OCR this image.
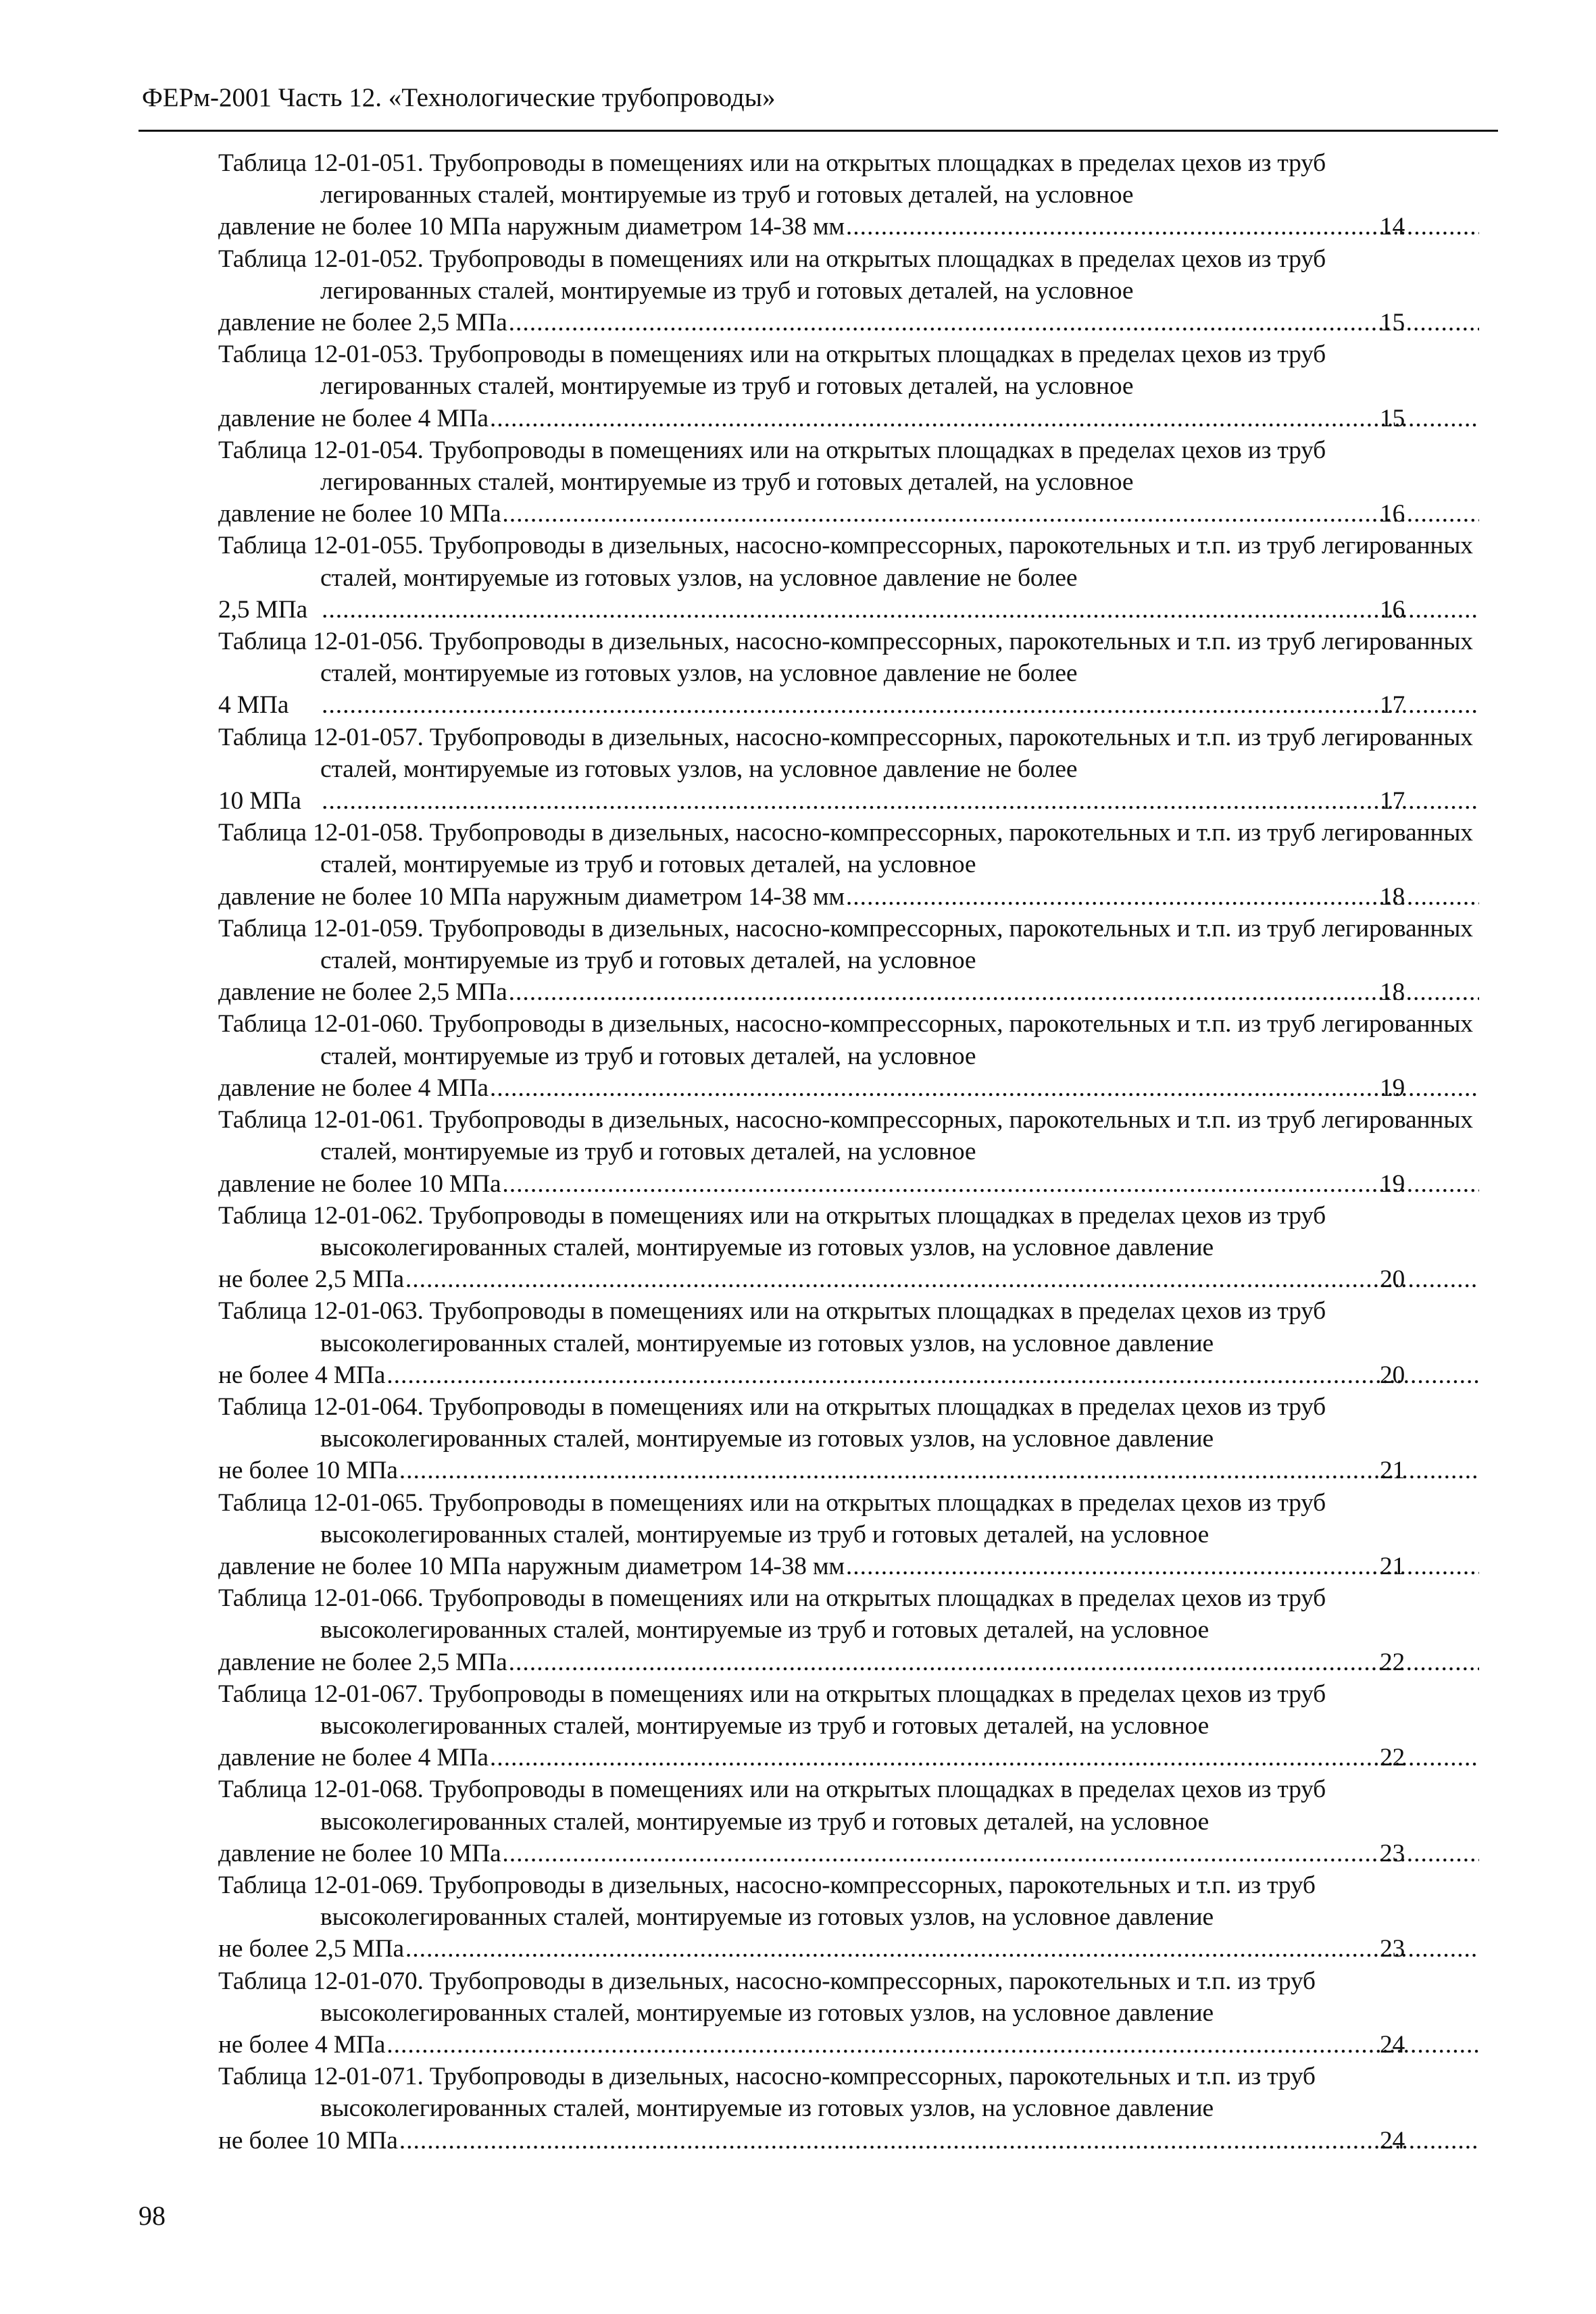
ФЕРм-2001 Часть 12. «Технологические трубопроводы»
Таблица 12-01-051. Трубопроводы в помещениях или на открытых площадках в пределах цехов из труб легированных сталей, монтируемые из труб и готовых деталей, на условное
давление не более 10 МПа наружным диаметром 14-38 мм .....	14
Таблица 12-01-052. Трубопроводы в помещениях или на открытых площадках в пределах цехов из труб легированных сталей, монтируемые из труб и готовых деталей, на условное
давление не более 2,5 МПа .....	15
Таблица 12-01-053. Трубопроводы в помещениях или на открытых площадках в пределах цехов из труб легированных сталей, монтируемые из труб и готовых деталей, на условное
давление не более 4 МПа .....	15
Таблица 12-01-054. Трубопроводы в помещениях или на открытых площадках в пределах цехов из труб легированных сталей, монтируемые из труб и готовых деталей, на условное
давление не более 10 МПа .....	16
Таблица 12-01-055. Трубопроводы в дизельных, насосно-компрессорных, парокотельных и т.п. из труб легированных сталей, монтируемые из готовых узлов, на условное давление не более
2,5 МПа .....	16
Таблица 12-01-056. Трубопроводы в дизельных, насосно-компрессорных, парокотельных и т.п. из труб легированных сталей, монтируемые из готовых узлов, на условное давление не более
4 МПа .....	17
Таблица 12-01-057. Трубопроводы в дизельных, насосно-компрессорных, парокотельных и т.п. из труб легированных сталей, монтируемые из готовых узлов, на условное давление не более
10 МПа .....	17
Таблица 12-01-058. Трубопроводы в дизельных, насосно-компрессорных, парокотельных и т.п. из труб легированных сталей, монтируемые из труб и готовых деталей, на условное
давление не более 10 МПа наружным диаметром 14-38 мм .....	18
Таблица 12-01-059. Трубопроводы в дизельных, насосно-компрессорных, парокотельных и т.п. из труб легированных сталей, монтируемые из труб и готовых деталей, на условное
давление не более 2,5 МПа .....	18
Таблица 12-01-060. Трубопроводы в дизельных, насосно-компрессорных, парокотельных и т.п. из труб легированных сталей, монтируемые из труб и готовых деталей, на условное
давление не более 4 МПа .....	19
Таблица 12-01-061. Трубопроводы в дизельных, насосно-компрессорных, парокотельных и т.п. из труб легированных сталей, монтируемые из труб и готовых деталей, на условное
давление не более 10 МПа .....	19
Таблица 12-01-062. Трубопроводы в помещениях или на открытых площадках в пределах цехов из труб высоколегированных сталей, монтируемые из готовых узлов, на условное давление
не более 2,5 МПа .....	20
Таблица 12-01-063. Трубопроводы в помещениях или на открытых площадках в пределах цехов из труб высоколегированных сталей, монтируемые из готовых узлов, на условное давление
не более 4 МПа .....	20
Таблица 12-01-064. Трубопроводы в помещениях или на открытых площадках в пределах цехов из труб высоколегированных сталей, монтируемые из готовых узлов, на условное давление
не более 10 МПа .....	21
Таблица 12-01-065. Трубопроводы в помещениях или на открытых площадках в пределах цехов из труб высоколегированных сталей, монтируемые из труб и готовых деталей, на условное
давление не более 10 МПа наружным диаметром 14-38 мм .....	21
Таблица 12-01-066. Трубопроводы в помещениях или на открытых площадках в пределах цехов из труб высоколегированных сталей, монтируемые из труб и готовых деталей, на условное
давление не более 2,5 МПа .....	22
Таблица 12-01-067. Трубопроводы в помещениях или на открытых площадках в пределах цехов из труб высоколегированных сталей, монтируемые из труб и готовых деталей, на условное
давление не более 4 МПа .....	22
Таблица 12-01-068. Трубопроводы в помещениях или на открытых площадках в пределах цехов из труб высоколегированных сталей, монтируемые из труб и готовых деталей, на условное
давление не более 10 МПа .....	23
Таблица 12-01-069. Трубопроводы в дизельных, насосно-компрессорных, парокотельных и т.п. из труб высоколегированных сталей, монтируемые из готовых узлов, на условное давление
не более 2,5 МПа .....	23
Таблица 12-01-070. Трубопроводы в дизельных, насосно-компрессорных, парокотельных и т.п. из труб высоколегированных сталей, монтируемые из готовых узлов, на условное давление
не более 4 МПа .....	24
Таблица 12-01-071. Трубопроводы в дизельных, насосно-компрессорных, парокотельных и т.п. из труб высоколегированных сталей, монтируемые из готовых узлов, на условное давление
не более 10 МПа .....	24
98
